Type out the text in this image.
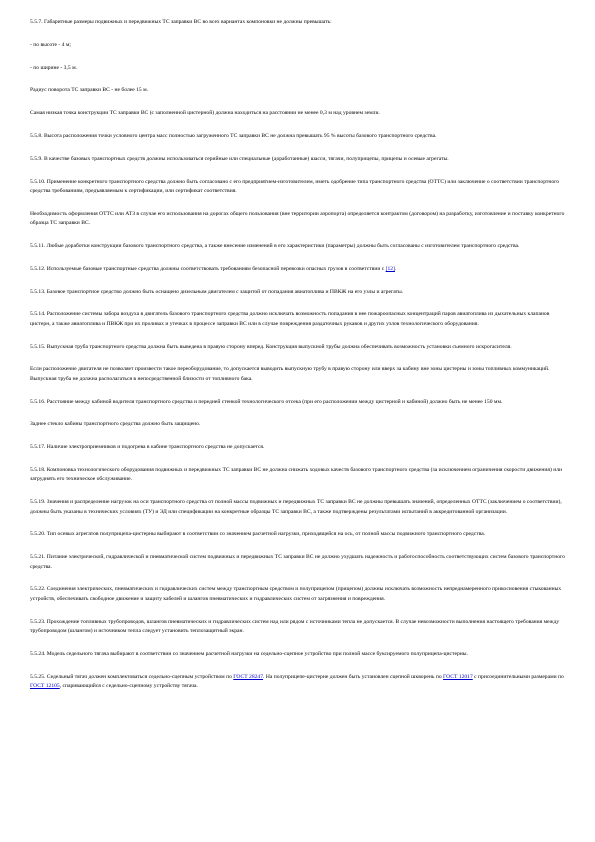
5.5.7. Габаритные размеры подвижных и передвижных ТС заправки ВС во всех вариантах компоновки не должны превышать:

- по высоте - 4 м;

- по ширине - 3,5 м.

Радиус поворота ТС заправки ВС - не более 15 м.

Самая низкая точка конструкции ТС заправки ВС (с заполненной цистерной) должна находиться на расстоянии не менее 0,3 м над уровнем земли.

5.5.8. Высота расположения точки условного центра масс полностью загруженного ТС заправки ВС не должна превышать 95 % высоты базового транспортного средства.

5.5.9. В качестве базовых транспортных средств должны использоваться серийные или специальные (доработанные) шасси, тягачи, полуприцепы, прицепы и осевые агрегаты.

5.5.10. Применение конкретного транспортного средства должно быть согласовано с его предприятием-изготовителем, иметь одобрение типа транспортного средства (ОТТС) или заключение о соответствии транспортного средства требованиям, предъявляемым к сертификации, или сертификат соответствия.

Необходимость оформления ОТТС или АТЗ в случае его использования на дорогах общего пользования (вне территории аэропорта) определяется контрактом (договором) на разработку, изготовление и поставку конкретного образца ТС заправки ВС.

5.5.11. Любые доработки конструкции базового транспортного средства, а также внесение изменений в его характеристики (параметры) должны быть согласованы с изготовителем транспортного средства.

5.5.12. Используемые базовые транспортные средства должны соответствовать требованиям безопасной перевозки опасных грузов в соответствии с [12].

5.5.13. Базовое транспортное средство должно быть оснащено дизельным двигателем с защитой от попадания авиатоплива и ПВКЖ на его узлы и агрегаты.

5.5.14. Расположение системы забора воздуха в двигатель базового транспортного средства должно исключать возможность попадания в нее пожароопасных концентраций паров авиатоплива из дыхательных клапанов цистерн, а также авиатоплива и ПВКЖ при их проливах и утечках в процессе заправки ВС или в случае повреждения раздаточных рукавов и других узлов технологического оборудования.

5.5.15. Выпускная труба транспортного средства должна быть выведена в правую сторону вперед. Конструкция выпускной трубы должна обеспечивать возможность установки съемного искрогасителя.

Если расположение двигателя не позволяет произвести такое переоборудование, то допускается выводить выпускную трубу в правую сторону или вверх за кабину вне зоны цистерны и зоны топливных коммуникаций. Выпускная труба не должна располагаться в непосредственной близости от топливного бака.

5.5.16. Расстояние между кабиной водителя транспортного средства и передней стенкой технологического отсека (при его расположении между цистерной и кабиной) должно быть не менее 150 мм.

Заднее стекло кабины транспортного средства должно быть защищено.

5.5.17. Наличие электроприемников и подогрева в кабине транспортного средства не допускается.

5.5.18. Компоновка технологического оборудования подвижных и передвижных ТС заправки ВС не должна снижать ходовых качеств базового транспортного средства (за исключением ограничения скорости движения) или затруднять его техническое обслуживание.

5.5.19. Значения и распределение нагрузок на оси транспортного средства от полной массы подвижных и передвижных ТС заправки ВС не должны превышать значений, определенных ОТТС (заключением о соответствии), должны быть указаны в технических условиях (ТУ) и ЭД или спецификации на конкретные образцы ТС заправки ВС, а также подтверждены результатами испытаний в аккредитованной организации.

5.5.20. Тип осевых агрегатов полуприцепа-цистерны выбирают в соответствии со значением расчетной нагрузки, приходящейся на ось, от полной массы подвижного транспортного средства.

5.5.21. Питание электрической, гидравлической и пневматической систем подвижных и передвижных ТС заправки ВС не должно ухудшать надежность и работоспособность соответствующих систем базового транспортного средства.

5.5.22. Соединения электрических, пневматических и гидравлических систем между транспортным средством и полуприцепом (прицепом) должны исключать возможность непреднамеренного прикосновения стыкованных устройств, обеспечивать свободное движение и защиту кабелей и шлангов пневматических и гидравлических систем от загрязнения и повреждения.

5.5.23. Прохождение топливных трубопроводов, шлангов пневматических и гидравлических систем над или рядом с источниками тепла не допускается. В случае невозможности выполнения настоящего требования между трубопроводом (шлангом) и источником тепла следует установить теплозащитный экран.

5.5.24. Модель седельного тягача выбирают в соответствии со значением расчетной нагрузки на седельно-сцепное устройство при полной массе буксируемого полуприцепа-цистерны.

5.5.25. Седельный тягач должен комплектоваться седельно-сцепным устройством по ГОСТ 28247. На полуприцепе-цистерне должен быть установлен сцепной шкворень по ГОСТ 12017 с присоединительными размерами по ГОСТ 12105, спаривающийся с седельно-сцепному устройству тягача.
